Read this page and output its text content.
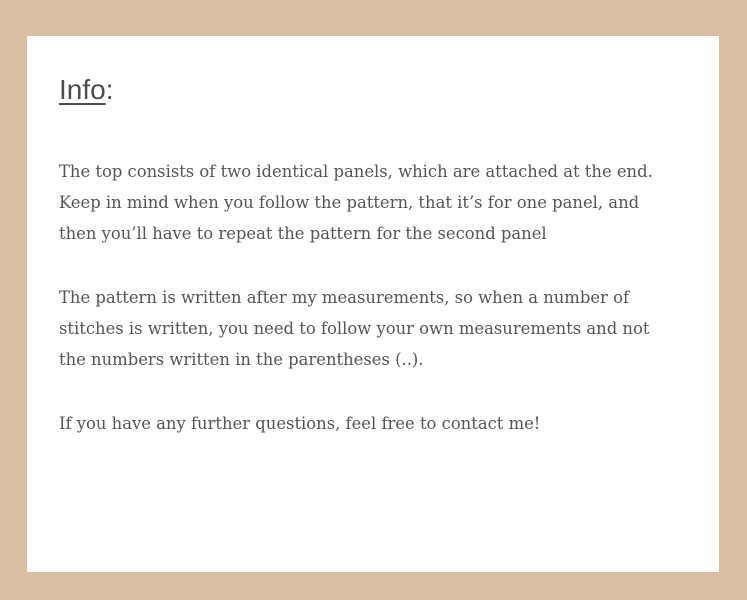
Info:

The top consists of two identical panels, which are attached at the end. Keep in mind when you follow the pattern, that it’s for one panel, and then you’ll have to repeat the pattern for the second panel

The pattern is written after my measurements, so when a number of stitches is written, you need to follow your own measurements and not the numbers written in the parentheses (..).

If you have any further questions, feel free to contact me!
